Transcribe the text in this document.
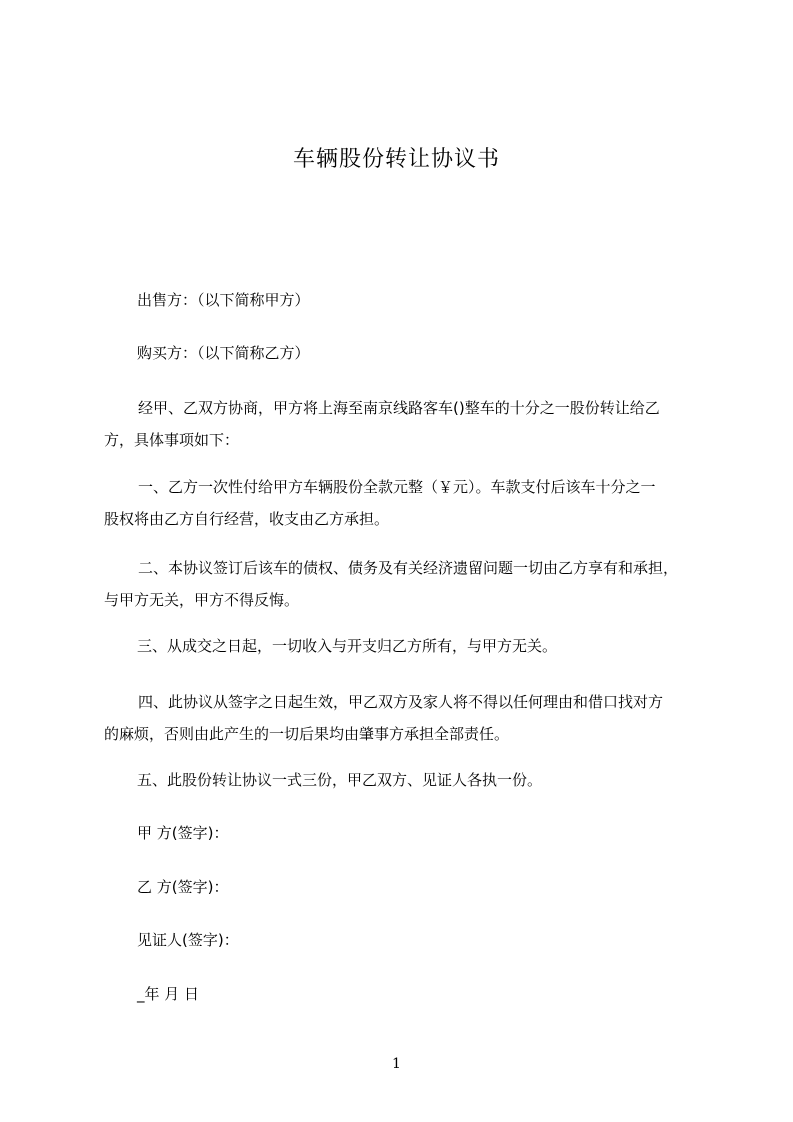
车辆股份转让协议书
出售方：（以下简称甲方）
购买方：（以下简称乙方）
经甲、乙双方协商，甲方将上海至南京线路客车()整车的十分之一股份转让给乙
方，具体事项如下：
一、乙方一次性付给甲方车辆股份全款元整（￥元）。车款支付后该车十分之一
股权将由乙方自行经营，收支由乙方承担。
二、本协议签订后该车的债权、债务及有关经济遗留问题一切由乙方享有和承担，
与甲方无关，甲方不得反悔。
三、从成交之日起，一切收入与开支归乙方所有，与甲方无关。
四、此协议从签字之日起生效，甲乙双方及家人将不得以任何理由和借口找对方
的麻烦，否则由此产生的一切后果均由肇事方承担全部责任。
五、此股份转让协议一式三份，甲乙双方、见证人各执一份。
甲 方(签字)：
乙 方(签字)：
见证人(签字)：
_年 月 日
1
